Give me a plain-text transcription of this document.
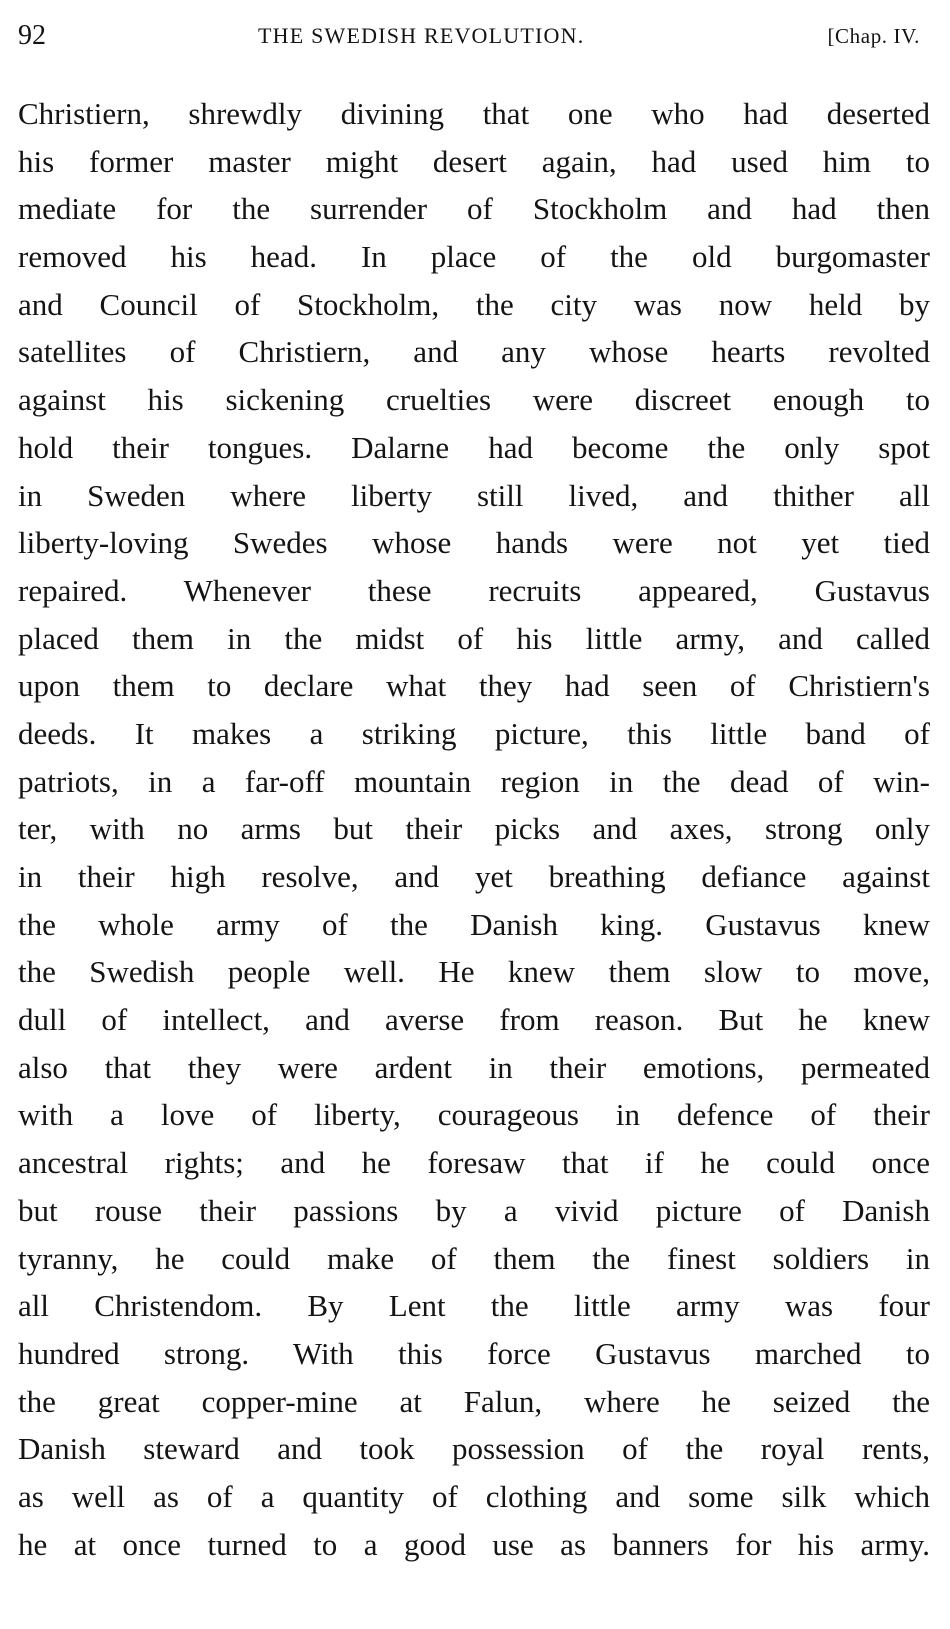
92	THE SWEDISH REVOLUTION.	[Chap. IV.
Christiern, shrewdly divining that one who had deserted
his former master might desert again, had used him to
mediate for the surrender of Stockholm and had then
removed his head. In place of the old burgomaster
and Council of Stockholm, the city was now held by
satellites of Christiern, and any whose hearts revolted
against his sickening cruelties were discreet enough to
hold their tongues. Dalarne had become the only spot
in Sweden where liberty still lived, and thither all
liberty-loving Swedes whose hands were not yet tied
repaired. Whenever these recruits appeared, Gustavus
placed them in the midst of his little army, and called
upon them to declare what they had seen of Christiern's
deeds. It makes a striking picture, this little band of
patriots, in a far-off mountain region in the dead of win-
ter, with no arms but their picks and axes, strong only
in their high resolve, and yet breathing defiance against
the whole army of the Danish king. Gustavus knew
the Swedish people well. He knew them slow to move,
dull of intellect, and averse from reason. But he knew
also that they were ardent in their emotions, permeated
with a love of liberty, courageous in defence of their
ancestral rights; and he foresaw that if he could once
but rouse their passions by a vivid picture of Danish
tyranny, he could make of them the finest soldiers in
all Christendom. By Lent the little army was four
hundred strong. With this force Gustavus marched to
the great copper-mine at Falun, where he seized the
Danish steward and took possession of the royal rents,
as well as of a quantity of clothing and some silk which
he at once turned to a good use as banners for his army.
